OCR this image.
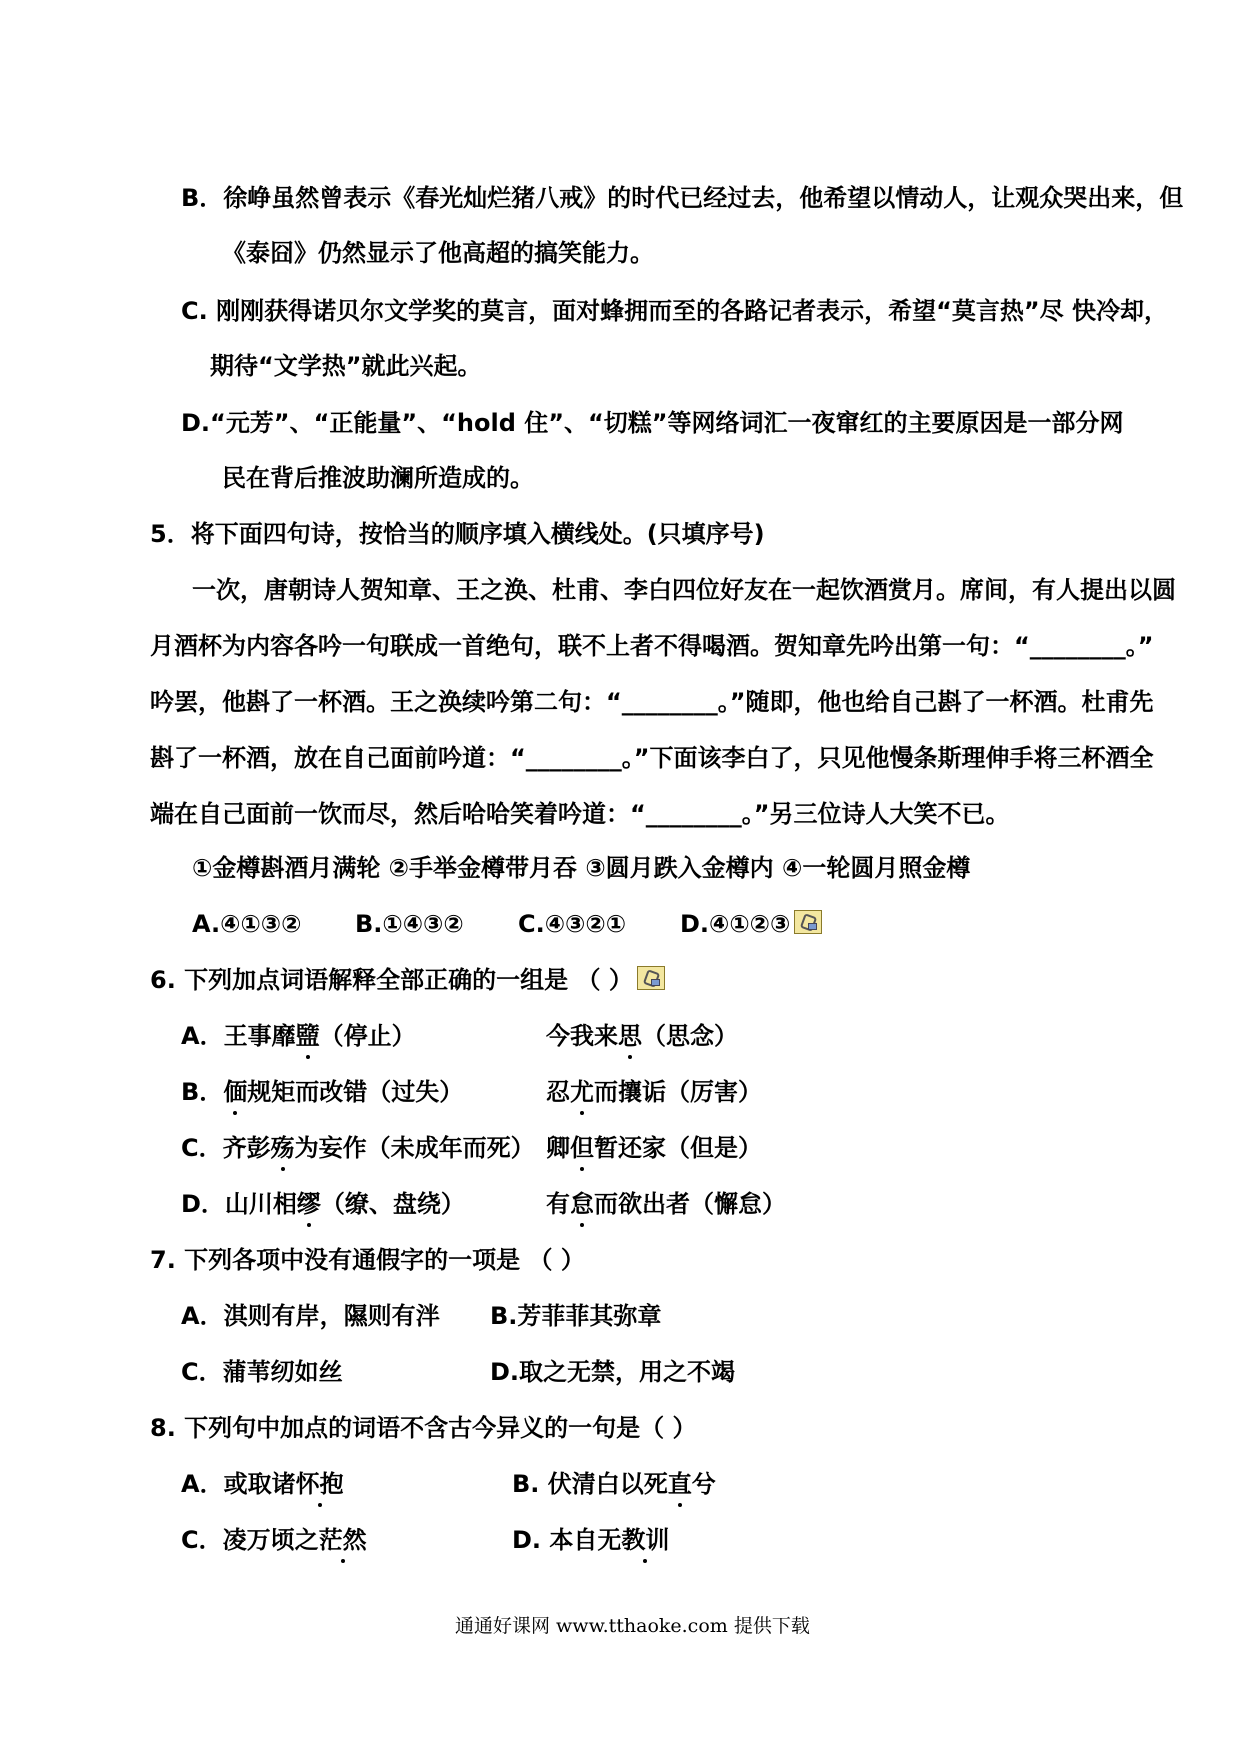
B．徐峥虽然曾表示《春光灿烂猪八戒》的时代已经过去，他希望以情动人，让观众哭出来，但
《泰囧》仍然显示了他高超的搞笑能力。
C. 刚刚获得诺贝尔文学奖的莫言，面对蜂拥而至的各路记者表示，希望“莫言热”尽 快冷却，
期待“文学热”就此兴起。
D.“元芳”、“正能量”、“hold 住”、“切糕”等网络词汇一夜窜红的主要原因是一部分网
民在背后推波助澜所造成的。
5．将下面四句诗，按恰当的顺序填入横线处。(只填序号)
一次，唐朝诗人贺知章、王之涣、杜甫、李白四位好友在一起饮酒赏月。席间，有人提出以圆
月酒杯为内容各吟一句联成一首绝句，联不上者不得喝酒。贺知章先吟出第一句：“________。”
吟罢，他斟了一杯酒。王之涣续吟第二句：“________。”随即，他也给自己斟了一杯酒。杜甫先
斟了一杯酒，放在自己面前吟道：“________。”下面该李白了，只见他慢条斯理伸手将三杯酒全
端在自己面前一饮而尽，然后哈哈笑着吟道：“________。”另三位诗人大笑不已。
①金樽斟酒月满轮 ②手举金樽带月吞 ③圆月跌入金樽内 ④一轮圆月照金樽
A.④①③② B.①④③② C.④③②① D.④①②③
6. 下列加点词语解释全部正确的一组是 （ ）
A．王事靡盬（停止）	今我来思（思念）
B．偭规矩而改错（过失）	忍尤而攘诟（厉害）
C．齐彭殇为妄作（未成年而死） 卿但暂还家（但是）
D．山川相缪（缭、盘绕）	有怠而欲出者（懈怠）
7. 下列各项中没有通假字的一项是 （ ）
A．淇则有岸，隰则有泮 B.芳菲菲其弥章
C．蒲苇纫如丝	D.取之无禁，用之不竭
8. 下列句中加点的词语不含古今异义的一句是（ ）
A．或取诸怀抱	B. 伏清白以死直兮
C．凌万顷之茫然	D. 本自无教训
通通好课网 www.tthaoke.com 提供下载
